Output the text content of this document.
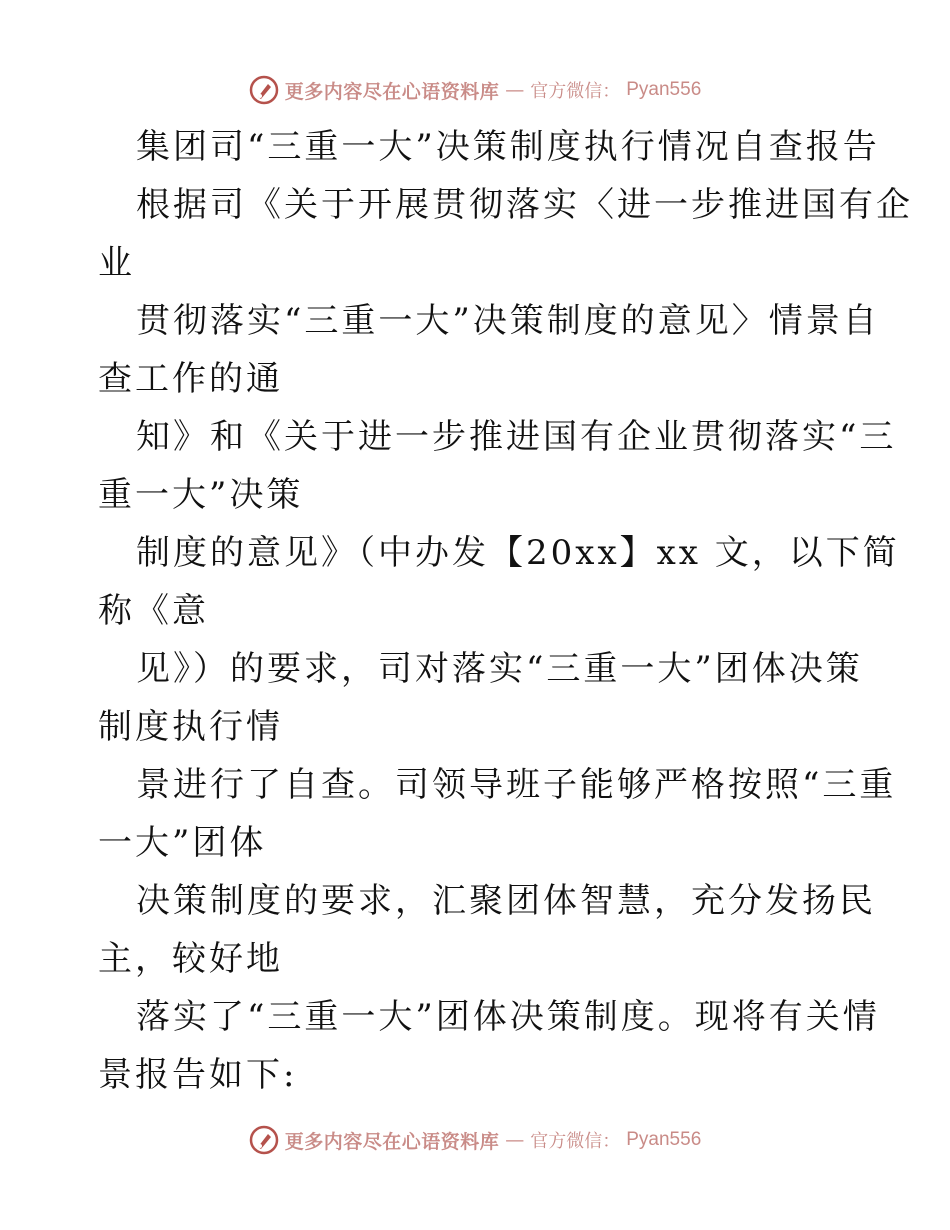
更多内容尽在心语资料库 — 官方微信： Pyan556
集团司“三重一大”决策制度执行情况自查报告
根据司《关于开展贯彻落实〈进一步推进国有企
业
贯彻落实“三重一大”决策制度的意见〉情景自
查工作的通
知》和《关于进一步推进国有企业贯彻落实“三
重一大”决策
制度的意见》（中办发【20xx】xx 文，以下简
称《意
见》）的要求，司对落实“三重一大”团体决策
制度执行情
景进行了自查。司领导班子能够严格按照“三重
一大”团体
决策制度的要求，汇聚团体智慧，充分发扬民
主，较好地
落实了“三重一大”团体决策制度。现将有关情
景报告如下:
更多内容尽在心语资料库 — 官方微信： Pyan556
